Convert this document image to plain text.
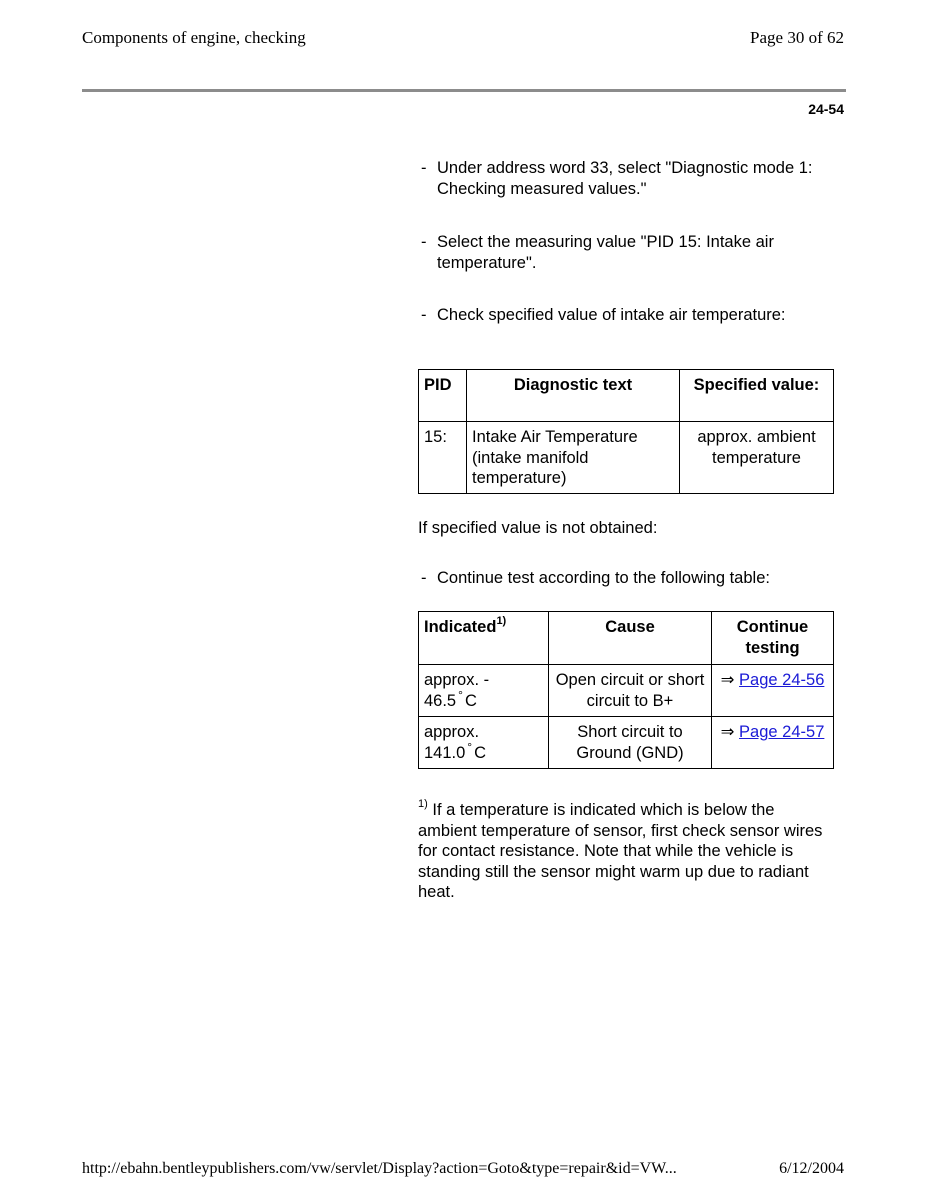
Components of engine, checking	Page 30 of 62
24-54
- Under address word 33, select "Diagnostic mode 1: Checking measured values."
- Select the measuring value "PID 15: Intake air temperature".
- Check specified value of intake air temperature:
PID	Diagnostic text	Specified value:
15:	Intake Air Temperature (intake manifold temperature)	approx. ambient temperature
If specified value is not obtained:
- Continue test according to the following table:
Indicated$^{1)}$	Cause	Continue testing

approx. -
46.5 ° C	Open circuit or short circuit to B+	⇒ Page 24-56

approx.
141.0 ° C	Short circuit to Ground (GND)	⇒ Page 24-57
$^{1)}$ If a temperature is indicated which is below the ambient temperature of sensor, first check sensor wires for contact resistance. Note that while the vehicle is standing still the sensor might warm up due to radiant heat.
http://ebahn.bentleypublishers.com/vw/servlet/Display?action=Goto&type=repair&id=VW...	6/12/2004
